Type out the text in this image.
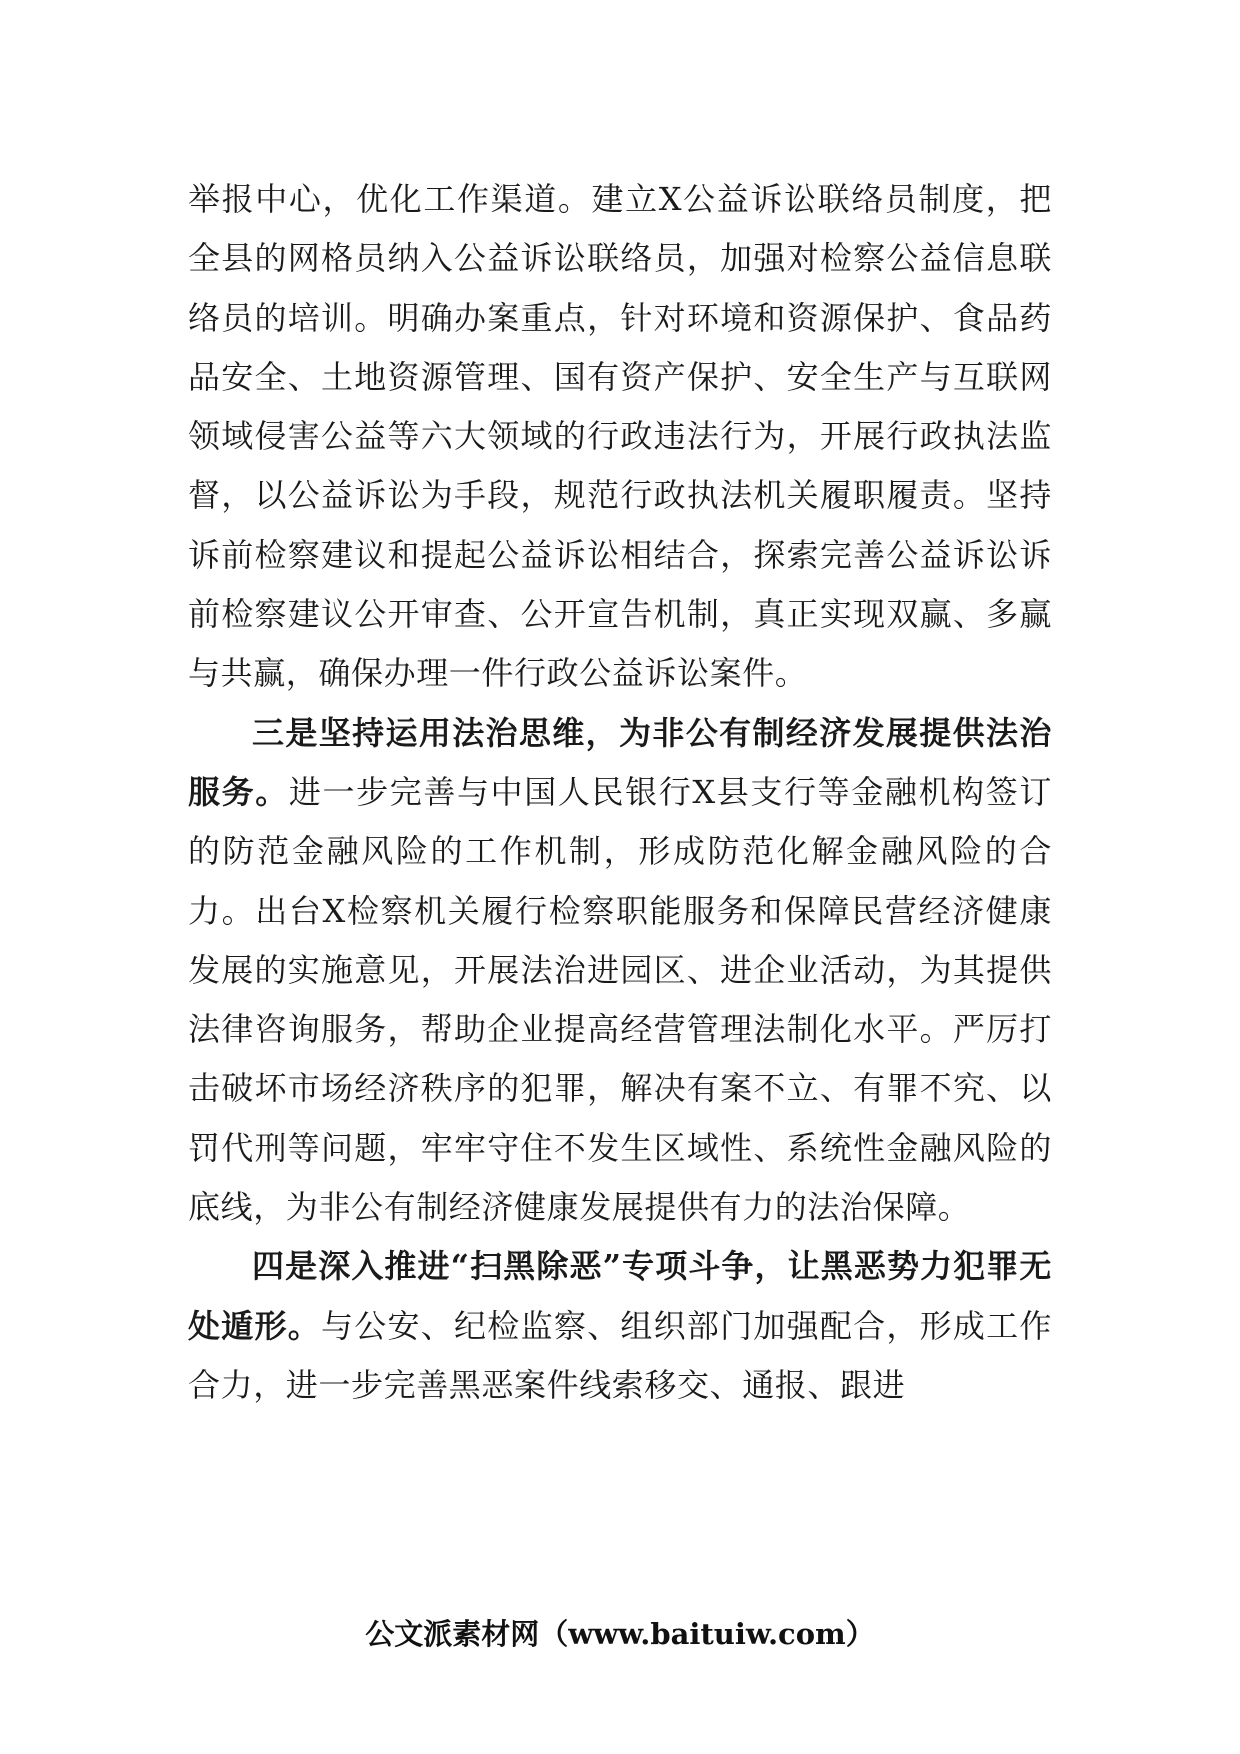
举报中心，优化工作渠道。建立X公益诉讼联络员制度，把全县的网格员纳入公益诉讼联络员，加强对检察公益信息联络员的培训。明确办案重点，针对环境和资源保护、食品药品安全、土地资源管理、国有资产保护、安全生产与互联网领域侵害公益等六大领域的行政违法行为，开展行政执法监督，以公益诉讼为手段，规范行政执法机关履职履责。坚持诉前检察建议和提起公益诉讼相结合，探索完善公益诉讼诉前检察建议公开审查、公开宣告机制，真正实现双赢、多赢与共赢，确保办理一件行政公益诉讼案件。

三是坚持运用法治思维，为非公有制经济发展提供法治服务。进一步完善与中国人民银行X县支行等金融机构签订的防范金融风险的工作机制，形成防范化解金融风险的合力。出台X检察机关履行检察职能服务和保障民营经济健康发展的实施意见，开展法治进园区、进企业活动，为其提供法律咨询服务，帮助企业提高经营管理法制化水平。严厉打击破坏市场经济秩序的犯罪，解决有案不立、有罪不究、以罚代刑等问题，牢牢守住不发生区域性、系统性金融风险的底线，为非公有制经济健康发展提供有力的法治保障。

四是深入推进“扫黑除恶”专项斗争，让黑恶势力犯罪无处遁形。与公安、纪检监察、组织部门加强配合，形成工作合力，进一步完善黑恶案件线索移交、通报、跟进

公文派素材网（www.baituiw.com）
